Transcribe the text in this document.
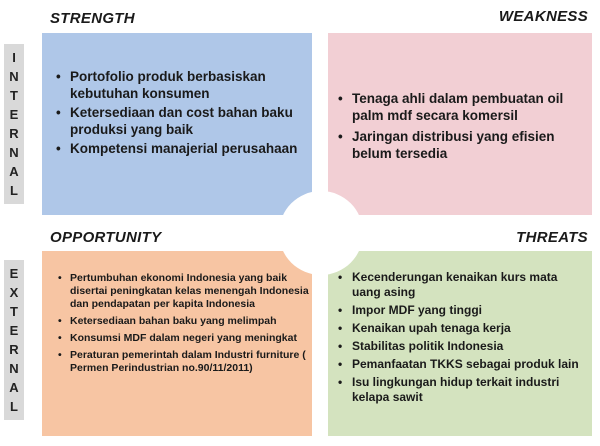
I
N
T
E
R
N
A
L
E
X
T
E
R
N
A
L
STRENGTH	WEAKNESS
OPPORTUNITY	THREATS
• Portofolio produk berbasiskan kebutuhan konsumen
• Ketersediaan dan cost bahan baku produksi yang baik
• Kompetensi manajerial perusahaan
• Tenaga ahli dalam pembuatan oil palm mdf secara komersil
• Jaringan distribusi yang efisien belum tersedia
• Pertumbuhan ekonomi Indonesia yang baik disertai peningkatan kelas menengah Indonesia dan pendapatan per kapita Indonesia
• Ketersediaan bahan baku yang melimpah
• Konsumsi MDF dalam negeri yang meningkat
• Peraturan pemerintah dalam Industri furniture ( Permen Perindustrian no.90/11/2011)
• Kecenderungan kenaikan kurs mata uang asing
• Impor MDF yang tinggi
• Kenaikan upah tenaga kerja
• Stabilitas politik Indonesia
• Pemanfaatan TKKS sebagai produk lain
• Isu lingkungan hidup terkait industri kelapa sawit
